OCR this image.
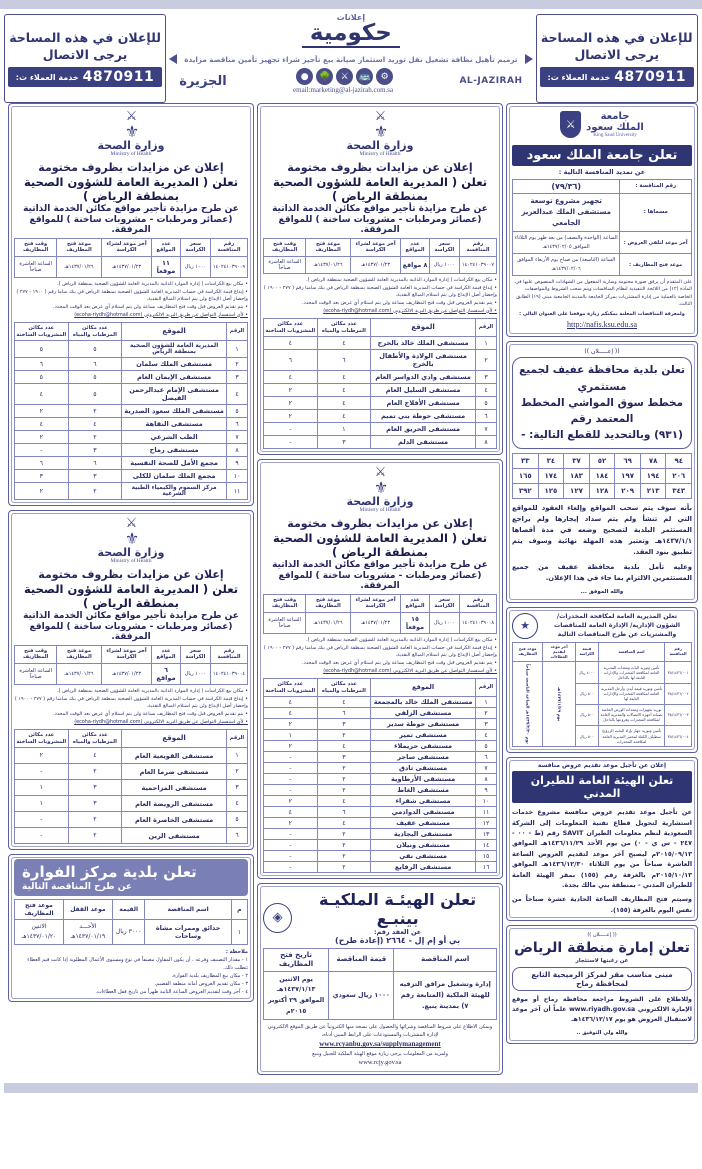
للإعلان في هذه المساحة
يرجى الاتصال
4870911
خدمة العملاء ت:
إعلانات
حكومية
ترميم تأهيل نظافة تشغيل نقل توريد استثمار صيانة بيع تأجير شراء تجهيز تأمين مناقصة مزايدة
AL-JAZIRAH
⚙
🚌
⚔
🌳
●
email:marketing@al-jazirah.com.sa
الجزيرة
للإعلان في هذه المساحة
يرجى الاتصال
4870911
خدمة العملاء ت:
جامعة
الملك سعود
King Saud University
⚔
تعلن جامعة الملك سعود
عن تمديد المنافسة التالية :
رقم المنافسة :	(٧٩/٣٦)
مسماها :	تجهيز مشروع توسعة مستشفى الملك عبدالعزيز الجامعي
آخر موعد لتلقي العروض :	الساعة (الواحدة والنصف) من بعد ظهر يوم الثلاثاء الموافق ١٤٣٧/٠٢/٠٥هـ
موعد فتح المظاريف :	الساعة (التاسعة) من صباح يوم الأربعاء الموافق ١٤٣٧/٠٢/٠٦هـ
على المتقدم أن يرفق صورة محتومة وسارية المفعول من الشهادات المنصوص عليها في المادة (١٢) من اللائحة التنفيذية لنظام المنافسات ويتم سحب الشروط والمواصفات الخاصة بالعملية من إدارة المشتريات بمركز الجامعة بالمدينة الجامعية مبنى (١٩) الطابق الثالث.
ولمعرفة المناقصات المعلنة يمكنكم زيارة موقعنا على العنوان التالي :
http://nafis.ksu.edu.sa
(( إعـــــلان ))
تعلن بلدية محافظة عفيف لجميع مستثمري
مخطط سوق المواشي المخطط المعتمد رقم
(٩٣١) وبالتحديد للقطع التالية: -
٩٤	٧٨	٦٩	٥٢	٣٧	٣٤	٣٣
٢٠٦	١٩٤	١٩٧	١٨٤	١٨٣	١٧٤	١٦٥
٣٤٣	٢١٣	٢٠٩	١٢٨	١٢٧	١٢٥	٣٩٢
بأنه سوف يتم سحب المواقع وإلغاء العقود للمواقع التي لم تنشأ ولم يتم سداد إيجارها ولم يراجع المستثمر البلدية لتصحيح وضعه في مدة أقصاها ١٤٣٧/١/١هـ وتعتبر هذه المهلة نهائية وسوف يتم تطبيق بنود العقد.
وعليه تأمل بلدية محافظة عفيف من جميع المستثمرين الالتزام بما جاء في هذا الإعلان.
والله الموفق ...
تعلن المديرية العامة لمكافحة المخدرات/
الشؤون الإدارية/ الإدارة العامة للمناقصات
والمشتريات عن طرح المناقصات التالية
★
رقم المنافسة	اسم المناقصة	قيمة الكراسة	آخر موعد لتقديم العطاءات	موعد فتح المظاريف
٣٥/١٤٣٦/٠٠١	تأمين وتوريد الياث ومعدات المديرية العامة لمكافحة المخدرات والإدارات التابعة لها بالداخل	٤٠٠٠ ريال	يوم ١٤٣٧/١/٢٩هـ	يوم ١٤٣٧/٢/٢٠هـ الساعة التاسعة صباحاً
٣٥/١٤٣٦/٠٠٢	تأمين وتوريد قيمة أيدي وأرجل المديرية العامة لمكافحة المخدرات والإدارات التابعة لها	٥٠٠ ريال		
٣٥/١٤٣٦/٠٠٣	توريد تجهيزات ومعدات الورش الخاصة بصيانة أجهزة الاتصالات والمديرية العامة لمكافحة المخدرات وفروعها بالداخل	٥٠٠ ريال		
٣٥/١٤٣٦/٠٠٤	تأمين وتوريد جهاز بإزاء البحث الزروع/ سطياف الكتلة لمختبر المديرية العامة لمكافحة المخدرات	٥٠٠ ريال		
إعلان عن تأجيل موعد تقديم عروض منافسة
تعلن الهيئة العامة للطيران المدني
عن تأجيل موعد تقديم عروض منافسة مشروع خدمات استشارية لتحويل قطاع تقنية المعلومات إلى الشركة السعودية لنظم معلومات الطيران SAVIT رقم (ط - ٠٠ - ٢٤٧ - س ي - ٠) من يوم الأحد ١٤٣٦/١١/٢٩هـ الموافق ٢٠١٥/٠٩/١٣م ليصبح آخر موعد لتقديم العروض الساعة العاشرة صباحاً من يوم الثلاثاء ١٤٣٦/١٢/٣٠هـ الموافق ٢٠١٥/١٠/١٣م بالغرفة رقم (١٥٥) بمقر الهيئة العامة للطيران المدني - بمنطقة بني مالك بجدة.
وسيتم فتح المظاريف الساعة الحادية عشرة صباحاً من نفس اليوم بالغرفة (١٥٥).
(( إعـــــلان ))
تعلن إمارة منطقة الرياض
عن رغبتها لاستئجار
مبنى مناسب مقر لمركز الرميحية التابع لمحافظة رماح
وللاطلاع على الشروط مراجعة محافظة رماح أو موقع الإمارة الالكتروني www.riyadh.gov.sa علماً أن آخر موعد لاستقبال العروض هو يوم ١٤٣٦/١٢/١٧هـ
والله ولي التوفيق ..
⚔
⚜
وزارة الصحة
Ministry of Health
إعلان عن مزايدات بظروف مختومة
تعلن ( المديرية العامة للشؤون الصحية بمنطقة الرياض )
عن طرح مزايدة تأجير مواقع مكائن الخدمة الذاتية
(عصائر ومرطبات - مشروبات ساخنة ) للمواقع المرفقة.
رقم المنافسة	سعر الكراسة	عدد المواقع	آخر موعد لشراء الكراسة	موعد فتح المظاريف	وقت فتح المظاريف
١٤٠٢٤١٠٣٩٠٠٧	١٠٠٠ ريال	٨ مواقع	١٤٣٧/٠١/٢٣هـ	١٤٣٧/٠١/٢٦هـ	الساعة العاشرة صباحاً
• مكان بيع الكراسات ( إدارة الموارد الذاتية بالمديرية العامة للشؤون الصحية بمنطقة الرياض ).
• إيداع قيمة الكراسة في حساب المديرية العامة للشؤون الصحية بمنطقة الرياض في بنك سامبا رقم ( ٢٧٧ - ١٩٠٠ ) وإحضار أصل الإيداع ولن يتم استلام المبالغ النقدية.
• يتم تقديم العروض قبل وقت فتح المظاريف بساعة ولن يتم استلام أي عرض بعد الوقت المحدد.
• لأي استفسار التواصل عن طريق البريد الالكتروني (ecoha-riydh@hotmail.com)
الرقم	الموقع	عدد مكائن المرطبات والمياه	عدد مكائن المشروبات الساخنة
١	مستشفى الملك خالد بالخرج	٤	٤
٢	مستشفى الولادة والأطفال بالخرج	٦	٦
٣	مستشفى وادي الدواسر العام	٤	٤
٤	مستشفى السليل العام	٤	٢
٥	مستشفى الأفلاج العام	٤	٢
٦	مستشفى حوطة بني تميم	٤	٢
٧	مستشفى الحريق العام	١	-
٨	مستشفى الدلم	٣	-
⚔
⚜
وزارة الصحة
Ministry of Health
إعلان عن مزايدات بظروف مختومة
تعلن ( المديرية العامة للشؤون الصحية بمنطقة الرياض )
عن طرح مزايدة تأجير مواقع مكائن الخدمة الذاتية
(عصائر ومرطبات - مشروبات ساخنة ) للمواقع المرفقة.
رقم المنافسة	سعر الكراسة	عدد المواقع	آخر موعد لشراء الكراسة	موعد فتح المظاريف	وقت فتح المظاريف
١٤٠٢٤١٠٣٩٠٠٨	١٠٠٠ ريال	١٥ موقعاً	١٤٣٧/٠١/٢٣هـ	١٤٣٧/٠١/٢٦هـ	الساعة العاشرة صباحاً
• مكان بيع الكراسات ( إدارة الموارد الذاتية بالمديرية العامة للشؤون الصحية بمنطقة الرياض ).
• إيداع قيمة الكراسة في حساب المديرية العامة للشؤون الصحية بمنطقة الرياض في بنك سامبا رقم ( ٢٧٧ - ١٩٠٠ ) وإحضار أصل الإيداع ولن يتم استلام المبالغ النقدية.
• يتم تقديم العروض قبل وقت فتح المظاريف بساعة ولن يتم استلام أي عرض بعد الوقت المحدد.
• لأي استفسار التواصل عن طريق البريد الالكتروني (ecoha-riydh@hotmail.com)
الرقم	الموقع	عدد مكائن المرطبات والمياه	عدد مكائن المشروبات الساخنة
١	مستشفى الملك خالد بالمجمعة	٤	٤
٢	مستشفى الزلفي	٦	٤
٣	مستشفى حوطة سدير	٣	٢
٤	مستشفى تمير	٢	١
٥	مستشفى حريملاء	٤	٢
٦	مستشفى ساجر	٣	-
٧	مستشفى ثادق	٢	-
٨	مستشفى الأرطاوية	٢	-
٩	مستشفى الغاط	٢	-
١٠	مستشفى شقراء	٤	٢
١١	مستشفى الدوادمي	٦	٤
١٢	مستشفى عفيف	٤	٢
١٣	مستشفى البجادية	٢	-
١٤	مستشفى ونيلان	٢	-
١٥	مستشفى نفي	٢	-
١٦	مستشفى الرفايع	٢	-
تعلن الهيئـة الملكيـة بينبـع
عن العقد رقم:
بي أو إم إل - ٢٦٦٤ (إعادة طرح)
◈
اسم المناقصة	قيمة المناقصة	تاريخ فتح المظاريف
إدارة وتشغيل مرافق الترفيه للهيئة الملكية (المتابعة رقم ٧) بمدينة ينبع.	١٠٠٠ ريال سعودي	يوم الاثنين ١٤٣٧/١/١٣هـ الموافق ٢٩ أكتوبر ٢٠١٥م
ويمكن الاطلاع على شروط المناقصة وشرائها والحصول على نسخة منها الكترونياً عن طريق الموقع الالكتروني لإدارة المشتريات والمستودعات على الرابط المبين أدناه،
www.rcyanbu.gov.sa/supplymanagement
ولمزيد من المعلومات يرجى زيارة موقع الهيئة الملكية للجبيل وينبع
www.rcjy.gov.sa
⚔
⚜
وزارة الصحة
Ministry of Health
إعلان عن مزايدات بظروف مختومة
تعلن ( المديرية العامة للشؤون الصحية بمنطقة الرياض )
عن طرح مزايدة تأجير مواقع مكائن الخدمة الذاتية
(عصائر ومرطبات - مشروبات ساخنة ) للمواقع المرفقة.
رقم المنافسة	سعر الكراسة	عدد المواقع	آخر موعد لشراء الكراسة	موعد فتح المظاريف	وقت فتح المظاريف
١٤٠٢٤١٠٣٩٠٠٩	١٠٠٠ ريال	١١ موقعاً	١٤٣٧/٠١/٢٣هـ	١٤٣٧/٠١/٢٦هـ	الساعة العاشرة صباحاً
• مكان بيع الكراسات ( إدارة الموارد الذاتية بالمديرية العامة للشؤون الصحية بمنطقة الرياض ).
• إيداع قيمة الكراسة في حساب المديرية العامة للشؤون الصحية بمنطقة الرياض في بنك ساما رقم ( ١٩٠٠ - ٢٧٧ ) وإحضار أصل الإيداع ولن يتم استلام المبالغ النقدية.
• يتم تقديم العروض قبل وقت فتح المظاريف بساعة ولن يتم استلام أي عرض بعد الوقت المحدد.
• لأي استفسار التواصل عن طريق البريد الالكتروني (ecoha-riydh@hotmail.com)
الرقم	الموقع	عدد مكائن المرطبات والمياه	عدد مكائن المشروبات الساخنة
١	المديرية العامة للشؤون الصحية بمنطقة الرياض	٥	٥
٢	مستشفى الملك سلمان	٦	٦
٣	مستشفى الإيمان العام	٥	٥
٤	مستشفى الإمام عبدالرحمن الفيصل	٥	٤
٥	مستشفى الملك سعود الصدرية	٢	٢
٦	مستشفى النقاهة	٤	٤
٧	الطب الشرعي	٢	٢
٨	مستشفى رماح	٣	-
٩	مجمع الأمل للصحة النفسية	٦	٦
١٠	مجمع الملك سلمان للكلى	٣	٣
١١	مركز السموم والكيمياء الطبية الشرعية	٢	٢
⚔
⚜
وزارة الصحة
Ministry of Health
إعلان عن مزايدات بظروف مختومة
تعلن ( المديرية العامة للشؤون الصحية بمنطقة الرياض )
عن طرح مزايدة تأجير مواقع مكائن الخدمة الذاتية
(عصائر ومرطبات - مشروبات ساخنة ) للمواقع المرفقة.
رقم المنافسة	سعر الكراسة	عدد المواقع	آخر موعد لشراء الكراسة	موعد فتح المظاريف	وقت فتح المظاريف
١٤٠٢٤١٠٣٩٠٠٤	١٠٠٠ ريال	٦ مواقع	١٤٣٧/٠١/٢٣هـ	١٤٣٧/٠١/٢٦هـ	الساعة العاشرة صباحاً
• مكان بيع الكراسات ( إدارة الموارد الذاتية بالمديرية العامة للشؤون الصحية بمنطقة الرياض ).
• إيداع قيمة الكراسة في حساب المديرية العامة للشؤون الصحية بمنطقة الرياض في بنك سامبا رقم ( ٢٧٧ - ١٩٠٠ ) وإحضار أصل الإيداع ولن يتم استلام المبالغ النقدية.
• يتم تقديم العروض قبل وقت فتح المظاريف بساعة ولن يتم استلام أي عرض بعد الوقت المحدد.
• لأي استفسار التواصل عن طريق البريد الالكتروني (ecoha-riydh@hotmail.com)
الرقم	الموقع	عدد مكائن المرطبات والمياه	عدد مكائن المشروبات الساخنة
١	مستشفى القويعية العام	٤	٢
٢	مستشفى ضرما العام	٢	-
٣	مستشفى المزاحمية	٣	١
٤	مستشفى الرويضة العام	٣	١
٥	مستشفى الخاصرة العام	٢	-
٦	مستشفى الرين	٢	-
تعلن بلدية مركز الفوارة
عن طرح المناقصة التالية
م	اسم المناقصة	القيمة	موعد القفل	موعد فتح المظاريف
١	حدائق وممرات مشاة وساحات	٣٠٠٠ ريال	الأحـــد ١٤٣٧/٠١/١٩هـ	الاثنين ١٤٣٧/٠١/٢٠هـ
ملاحظة :
١ - مقدار التصنيف وفرعه ، أن يكون المقاول مصنفاً في نوع ومستوى الأعمال المطلوبة إذا كانت قيم العطاء تتطلب ذلك.
٢ - مكان بيع المظاريف بلدية الفوارة.
٣ - مكان تقديم العروض أمانة منطقة القصيم.
٤ - آخر وقت لتقديم العروض الساعة الثانية ظهراً من تاريخ قفل العطاءات.
